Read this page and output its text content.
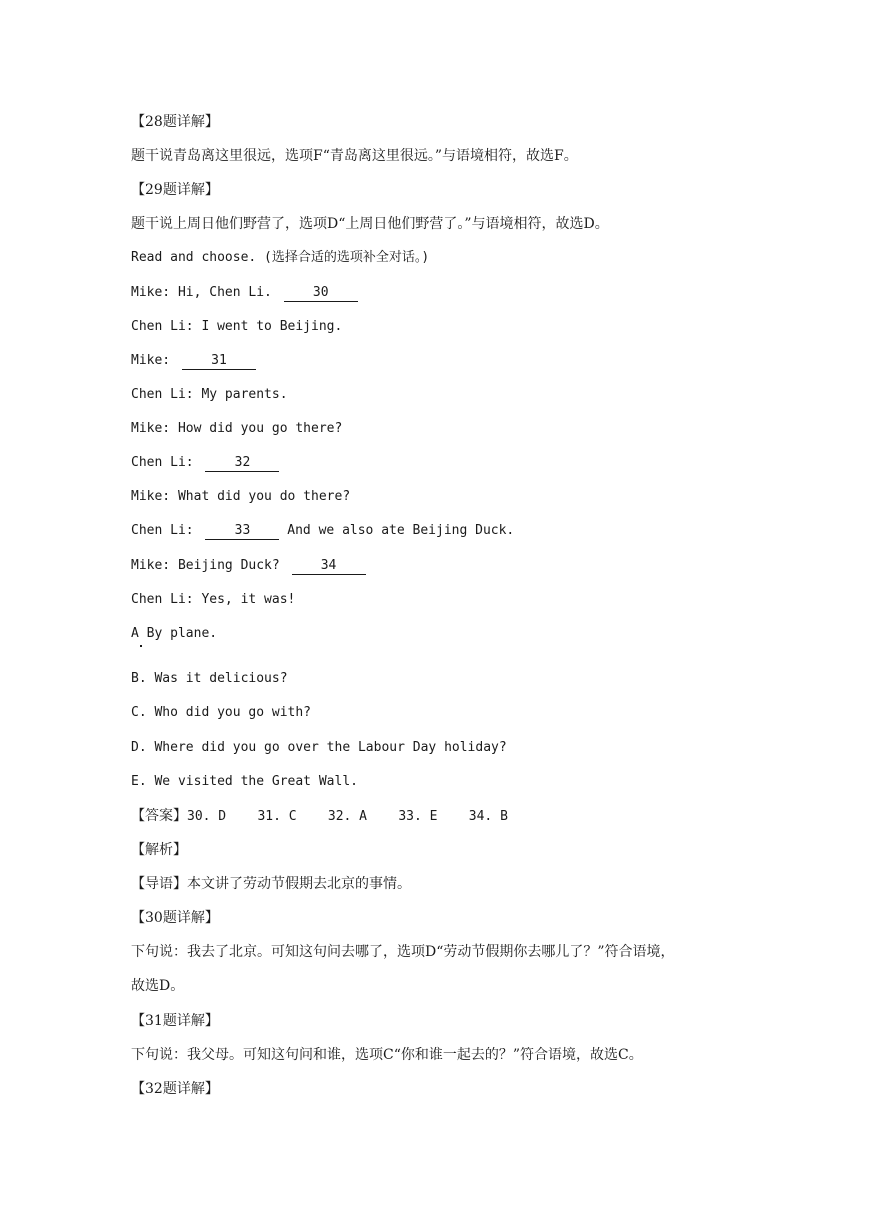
【28题详解】
题干说青岛离这里很远，选项F“青岛离这里很远。”与语境相符，故选F。
【29题详解】
题干说上周日他们野营了，选项D“上周日他们野营了。”与语境相符，故选D。
Read and choose. (选择合适的选项补全对话。)
Mike: Hi, Chen Li.	30
Chen Li: I went to Beijing.
Mike:	31
Chen Li: My parents.
Mike: How did you go there?
Chen Li:	32
Mike: What did you do there?
Chen Li:	33	And we also ate Beijing Duck.
Mike: Beijing Duck?	34
Chen Li: Yes, it was!
A By plane.
B. Was it delicious?
C. Who did you go with?
D. Where did you go over the Labour Day holiday?
E. We visited the Great Wall.
【答案】30. D    31. C    32. A    33. E    34. B
【解析】
【导语】本文讲了劳动节假期去北京的事情。
【30题详解】
下句说：我去了北京。可知这句问去哪了，选项D“劳动节假期你去哪儿了？”符合语境，
故选D。
【31题详解】
下句说：我父母。可知这句问和谁，选项C“你和谁一起去的？”符合语境，故选C。
【32题详解】
